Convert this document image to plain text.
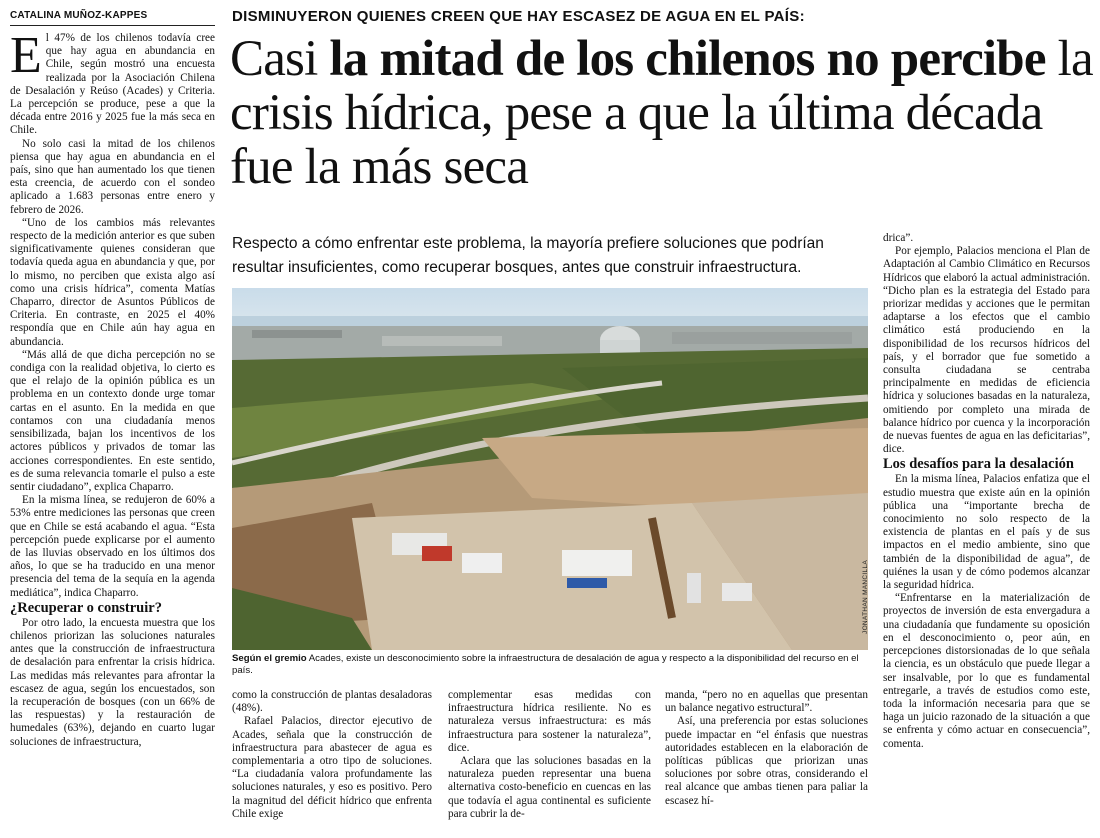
CATALINA MUÑOZ-KAPPES	DISMINUYERON QUIENES CREEN QUE HAY ESCASEZ DE AGUA EN EL PAÍS:
Casi la mitad de los chilenos no percibe la crisis hídrica, pese a que la última década fue la más seca
Respecto a cómo enfrentar este problema, la mayoría prefiere soluciones que podrían resultar insuficientes, como recuperar bosques, antes que construir infraestructura.

El 47% de los chilenos todavía cree que hay agua en abundancia en Chile, según mostró una encuesta realizada por la Asociación Chilena de Desalación y Reúso (Acades) y Criteria. La percepción se produce, pese a que la década entre 2016 y 2025 fue la más seca en Chile.

No solo casi la mitad de los chilenos piensa que hay agua en abundancia en el país, sino que han aumentado los que tienen esta creencia, de acuerdo con el sondeo aplicado a 1.683 personas entre enero y febrero de 2026.

“Uno de los cambios más relevantes respecto de la medición anterior es que suben significativamente quienes consideran que todavía queda agua en abundancia y que, por lo mismo, no perciben que exista algo así como una crisis hídrica”, comenta Matías Chaparro, director de Asuntos Públicos de Criteria. En contraste, en 2025 el 40% respondía que en Chile aún hay agua en abundancia.

“Más allá de que dicha percepción no se condiga con la realidad objetiva, lo cierto es que el relajo de la opinión pública es un problema en un contexto donde urge tomar cartas en el asunto. En la medida en que contamos con una ciudadanía menos sensibilizada, bajan los incentivos de los actores públicos y privados de tomar las acciones correspondientes. En este sentido, es de suma relevancia tomarle el pulso a este sentir ciudadano”, explica Chaparro.

En la misma línea, se redujeron de 60% a 53% entre mediciones las personas que creen que en Chile se está acabando el agua. “Esta percepción puede explicarse por el aumento de las lluvias observado en los últimos dos años, lo que se ha traducido en una menor presencia del tema de la sequía en la agenda mediática”, indica Chaparro.

¿Recuperar o construir?

Por otro lado, la encuesta muestra que los chilenos priorizan las soluciones naturales antes que la construcción de infraestructura de desalación para enfrentar la crisis hídrica. Las medidas más relevantes para afrontar la escasez de agua, según los encuestados, son la recuperación de bosques (con un 66% de las respuestas) y la restauración de humedales (63%), dejando en cuarto lugar soluciones de infraestructura,

JONATHAN MANCILLA
Según el gremio Acades, existe un desconocimiento sobre la infraestructura de desalación de agua y respecto a la disponibilidad del recurso en el país.

como la construcción de plantas desaladoras (48%).

Rafael Palacios, director ejecutivo de Acades, señala que la construcción de infraestructura para abastecer de agua es complementaria a otro tipo de soluciones. “La ciudadanía valora profundamente las soluciones naturales, y eso es positivo. Pero la magnitud del déficit hídrico que enfrenta Chile exige

complementar esas medidas con infraestructura hídrica resiliente. No es naturaleza versus infraestructura: es más infraestructura para sostener la naturaleza”, dice.

Aclara que las soluciones basadas en la naturaleza pueden representar una buena alternativa costo-beneficio en cuencas en las que todavía el agua continental es suficiente para cubrir la de-

manda, “pero no en aquellas que presentan un balance negativo estructural”.

Así, una preferencia por estas soluciones puede impactar en “el énfasis que nuestras autoridades establecen en la elaboración de políticas públicas que priorizan unas soluciones por sobre otras, considerando el real alcance que ambas tienen para paliar la escasez hí-

drica”.

Por ejemplo, Palacios menciona el Plan de Adaptación al Cambio Climático en Recursos Hídricos que elaboró la actual administración. “Dicho plan es la estrategia del Estado para priorizar medidas y acciones que le permitan adaptarse a los efectos que el cambio climático está produciendo en la disponibilidad de los recursos hídricos del país, y el borrador que fue sometido a consulta ciudadana se centraba principalmente en medidas de eficiencia hídrica y soluciones basadas en la naturaleza, omitiendo por completo una mirada de balance hídrico por cuenca y la incorporación de nuevas fuentes de agua en las deficitarias”, dice.

Los desafíos para la desalación

En la misma línea, Palacios enfatiza que el estudio muestra que existe aún en la opinión pública una “importante brecha de conocimiento no solo respecto de la existencia de plantas en el país y de sus impactos en el medio ambiente, sino que también de la disponibilidad de agua”, de quiénes la usan y de cómo podemos alcanzar la seguridad hídrica.

“Enfrentarse en la materialización de proyectos de inversión de esta envergadura a una ciudadanía que fundamente su oposición en el desconocimiento o, peor aún, en percepciones distorsionadas de lo que señala la ciencia, es un obstáculo que puede llegar a ser insalvable, por lo que es fundamental entregarle, a través de estudios como este, toda la información necesaria para que se haga un juicio razonado de la situación a que se enfrenta y cómo actuar en consecuencia”, comenta.
